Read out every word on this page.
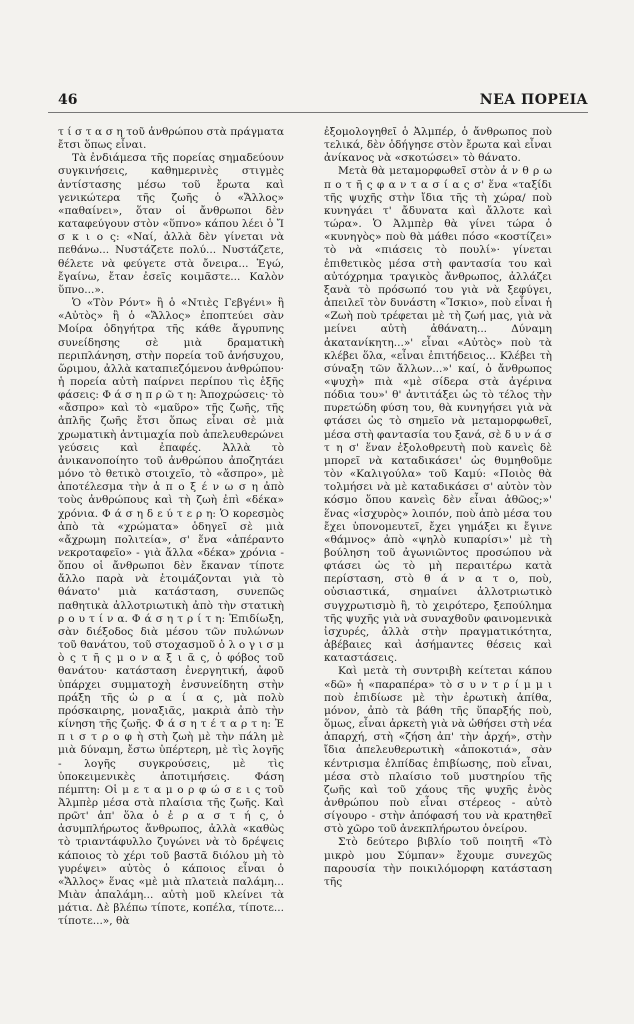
46	ΝΕΑ ΠΟΡΕΙΑ

τ ί σ τ α σ η τοῦ ἀνθρώπου στὰ πράγματα ἔτσι ὅπως εἶναι.

Τὰ ἐνδιάμεσα τῆς πορείας σημαδεύουν συγκινήσεις, καθημερινὲς στιγμὲς ἀντίστασης μέσω τοῦ ἔρωτα καὶ γενικώτερα τῆς ζωῆς ὁ «Ἄλλος» «παθαίνει», ὅταν οἱ ἄνθρωποι δὲν καταφεύγουν στὸν «ὕπνο» κάπου λέει ὁ Ἴ σ κ ι ο ς: «Ναί, ἀλλὰ δὲν γίνεται νὰ πεθάνω... Νυστάζετε πολύ... Νυστάζετε, θέλετε νὰ φεύγετε στὰ ὄνειρα... Ἐγώ, ἔγαίνω, ἔταν ἐσεῖς κοιμᾶστε... Καλὸν ὕπνο...».

Ὁ «Τὸν Ρόντ» ἢ ὁ «Ντιὲς Γεβγένι» ἢ «Αὐτὸς» ἢ ὁ «Ἄλλος» ἐποπτεύει σὰν Μοίρα ὁδηγήτρα τῆς κάθε ἄγρυπνης συνείδησης σὲ μιὰ δραματικὴ περιπλάνηση, στὴν πορεία τοῦ ἀνήσυχου, ὥριμου, ἀλλὰ καταπιεζόμενου ἀνθρώπου· ἡ πορεία αὐτὴ παίρνει περίπου τὶς ἑξῆς φάσεις: Φ ά σ η π ρ ῶ τ η: Ἀποχρώσεις· τὸ «ἄσπρο» καὶ τὸ «μαῦρο» τῆς ζωῆς, τῆς ἁπλῆς ζωῆς ἔτσι ὅπως εἶναι σὲ μιὰ χρωματικὴ ἀντιμαχία ποὺ ἀπελευθερώνει γεύσεις καὶ ἐπαφές. Ἀλλὰ τὸ ἀνικανοποίητο τοῦ ἀνθρώπου ἀποζητάει μόνο τὸ θετικὸ στοιχεῖο, τὸ «ἄσπρο», μὲ ἀποτέλεσμα τὴν ἀ π ο ξ έ ν ω σ η ἀπὸ τοὺς ἀνθρώπους καὶ τὴ ζωὴ ἐπὶ «δέκα» χρόνια. Φ ά σ η δ ε ύ τ ε ρ η: Ὁ κορεσμὸς ἀπὸ τὰ «χρώματα» ὁδηγεῖ σὲ μιὰ «ἄχρωμη πολιτεία», σ' ἕνα «ἀπέραντο νεκροταφεῖο» - γιὰ ἄλλα «δέκα» χρόνια - ὅπου οἱ ἄνθρωποι δὲν ἔκαναν τίποτε ἄλλο παρὰ νὰ ἑτοιμάζονται γιὰ τὸ θάνατο' μιὰ κατάσταση, συνεπῶς παθητικὰ ἀλλοτριωτικὴ ἀπὸ τὴν στατικὴ ρ ο υ τ ί ν α. Φ ά σ η τ ρ ί τ η: Ἐπιδίωξη, σὰν διέξοδος διὰ μέσου τῶν πυλώνων τοῦ θανάτου, τοῦ στοχασμοῦ ὁ λ ο γ ι σ μ ὸ ς τ ῆ ς μ ο ν α ξ ι ᾶ ς, ὁ φόβος τοῦ θανάτου· κατάσταση ἐνεργητική, ἀφοῦ ὑπάρχει συμματοχὴ ἐνσυνείδητη στὴν πράξη τῆς ὡ ρ α ί α ς, μὰ πολὺ πρόσκαιρης, μοναξιᾶς, μακριὰ ἀπὸ τὴν κίνηση τῆς ζωῆς. Φ ά σ η τ έ τ α ρ τ η: Ἐ π ι σ τ ρ ο φ ὴ στὴ ζωὴ μὲ τὴν πάλη μὲ μιὰ δύναμη, ἔστω ὑπέρτερη, μὲ τὶς λογῆς - λογῆς συγκρούσεις, μὲ τὶς ὑποκειμενικὲς ἀποτιμήσεις. Φάση πέμπτη: Οἱ μ ε τ α μ ο ρ φ ώ σ ε ι ς τοῦ Ἀλμπὲρ μέσα στὰ πλαίσια τῆς ζωῆς. Καὶ πρῶτ' ἀπ' ὅλα ὁ ἐ ρ α σ τ ή ς, ὁ ἀσυμπλήρωτος ἄνθρωπος, ἀλλὰ «καθὼς τὸ τριαντάφυλλο ζυγώνει νὰ τὸ δρέψεις κάποιος τὸ χέρι τοῦ βαστᾶ διόλου μὴ τὸ γυρέψει» αὐτὸς ὁ κάποιος εἶναι ὁ «Ἄλλος» ἕνας «μὲ μιὰ πλατειὰ παλάμη... Μιὰν ἀπαλάμη... αὐτὴ μοῦ κλείνει τὰ μάτια. Δὲ βλέπω τίποτε, κοπέλα, τίποτε... τίποτε...», θὰ

ἐξομολογηθεῖ ὁ Ἀλμπέρ, ὁ ἄνθρωπος ποὺ τελικά, δὲν ὁδήγησε στὸν ἔρωτα καὶ εἶναι ἀνίκανος νὰ «σκοτώσει» τὸ θάνατο.

Μετὰ θὰ μεταμορφωθεῖ στὸν ἀ ν θ ρ ω π ο τ ῆ ς φ α ν τ α σ ί α ς σ' ἕνα «ταξίδι τῆς ψυχῆς στὴν ἴδια τῆς τὴ χώρα/ ποὺ κυνηγάει τ' ἄδυνατα καὶ ἄλλοτε καὶ τώρα». Ὁ Ἀλμπὲρ θὰ γίνει τώρα ὁ «κυνηγὸς» ποὺ θὰ μάθει πόσο «κοστίζει» τὸ νὰ «πιάσεις τὸ πουλί»· γίνεται ἐπιθετικὸς μέσα στὴ φαντασία του καὶ αὐτόχρημα τραγικὸς ἄνθρωπος, ἀλλάζει ξανὰ τὸ πρόσωπό του γιὰ νὰ ξεφύγει, ἀπειλεῖ τὸν δυνάστη «Ἴσκιο», ποὺ εἶναι ἡ «Ζωὴ ποὺ τρέφεται μὲ τὴ ζωή μας, γιὰ νὰ μείνει αὐτὴ ἀθάνατη... Δύναμη ἀκατανίκητη...»' εἶναι «Αὐτὸς» ποὺ τὰ κλέβει ὅλα, «εἶναι ἐπιτήδειος... Κλέβει τὴ σύναξη τῶν ἄλλων...»' καί, ὁ ἄνθρωπος «ψυχὴ» πιὰ «μὲ σίδερα στὰ ἀγέρινα πόδια του»' θ' ἀντιτάξει ὡς τὸ τέλος τὴν πυρετώδη φύση του, θὰ κυνηγήσει γιὰ νὰ φτάσει ὡς τὸ σημεῖο νὰ μεταμορφωθεῖ, μέσα στὴ φαντασία του ξανά, σὲ δ υ ν ά σ τ η σ' ἕναν ἐξολοθρευτὴ ποὺ κανεὶς δὲ μπορεῖ νὰ καταδικάσει' ὡς θυμηθοῦμε τὸν «Καλιγούλα» τοῦ Καμύ: «Ποιὸς θὰ τολμήσει νὰ μὲ καταδικάσει σ' αὐτὸν τὸν κόσμο ὅπου κανεὶς δὲν εἶναι ἀθῶος;»' ἕνας «ἰσχυρὸς» λοιπόν, ποὺ ἀπὸ μέσα του ἔχει ὑπονομευτεῖ, ἔχει γημάξει κι ἔγινε «θάμνος» ἀπὸ «ψηλὸ κυπαρίσι»' μὲ τὴ βούληση τοῦ ἀγωνιῶντος προσώπου νὰ φτάσει ὡς τὸ μὴ περαιτέρω κατὰ περίσταση, στὸ θ ά ν α τ ο, ποὺ, οὐσιαστικά, σημαίνει ἀλλοτριωτικὸ συγχρωτισμὸ ἢ, τὸ χειρότερο, ξεπούλημα τῆς ψυχῆς γιὰ νὰ συναχθοῦν φαινομενικὰ ἰσχυρές, ἀλλὰ στὴν πραγματικότητα, ἀβέβαιες καὶ ἀσήμαντες θέσεις καὶ καταστάσεις.

Καὶ μετὰ τὴ συντριβὴ κείτεται κάπου «δῶ» ἡ «παραπέρα» τὸ σ υ ν τ ρ ί μ μ ι ποὺ ἐπιδίωσε μὲ τὴν ἐρωτικὴ ἀπίθα, μόνον, ἀπὸ τὰ βάθη τῆς ὕπαρξής ποὺ, ὅμως, εἶναι ἀρκετὴ γιὰ νὰ ὠθήσει στὴ νέα ἀπαρχή, στὴ «ζήση ἀπ' τὴν ἀρχή», στὴν ἴδια ἀπελευθερωτικὴ «ἀποκοτιά», σὰν κέντρισμα ἐλπίδας ἐπιβίωσης, ποὺ εἶναι, μέσα στὸ πλαίσιο τοῦ μυστηρίου τῆς ζωῆς καὶ τοῦ χάους τῆς ψυχῆς ἑνὸς ἀνθρώπου ποὺ εἶναι στέρεος - αὐτὸ σίγουρο - στὴν ἀπόφασή του νὰ κρατηθεῖ στὸ χῶρο τοῦ ἀνεκπλήρωτου ὀνείρου.

Στὸ δεύτερο βιβλίο τοῦ ποιητῆ «Τὸ μικρὸ μου Σύμπαν» ἔχουμε συνεχῶς παρουσία τὴν ποικιλόμορφη κατάσταση τῆς
